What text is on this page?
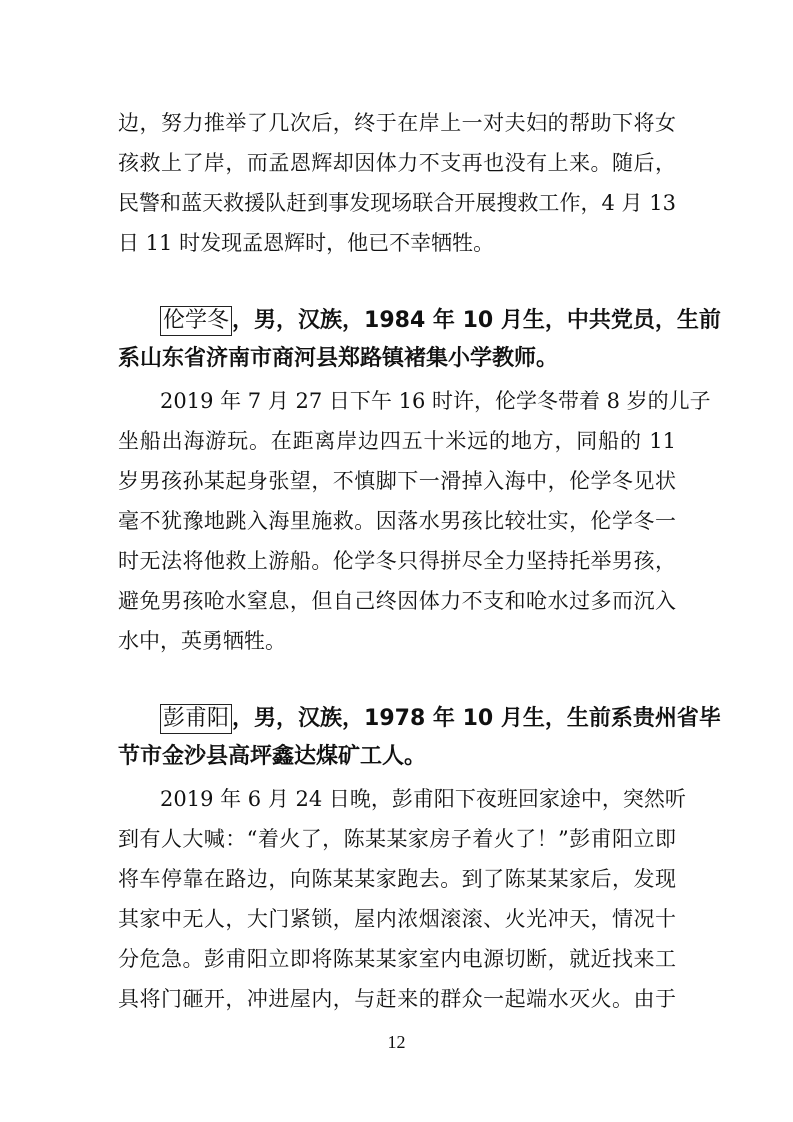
边，努力推举了几次后，终于在岸上一对夫妇的帮助下将女
孩救上了岸，而孟恩辉却因体力不支再也没有上来。随后，
民警和蓝天救援队赶到事发现场联合开展搜救工作，4 月 13
日 11 时发现孟恩辉时，他已不幸牺牲。
伦学冬 ，男，汉族，1984 年 10 月生，中共党员，生前
系山东省济南市商河县郑路镇褚集小学教师。
2019 年 7 月 27 日下午 16 时许，伦学冬带着 8 岁的儿子
坐船出海游玩。在距离岸边四五十米远的地方，同船的 11
岁男孩孙某起身张望，不慎脚下一滑掉入海中，伦学冬见状
毫不犹豫地跳入海里施救。因落水男孩比较壮实，伦学冬一
时无法将他救上游船。伦学冬只得拼尽全力坚持托举男孩，
避免男孩呛水窒息，但自己终因体力不支和呛水过多而沉入
水中，英勇牺牲。
彭甫阳 ，男，汉族，1978 年 10 月生，生前系贵州省毕
节市金沙县高坪鑫达煤矿工人。
2019 年 6 月 24 日晚，彭甫阳下夜班回家途中，突然听
到有人大喊：“着火了，陈某某家房子着火了！”彭甫阳立即
将车停靠在路边，向陈某某家跑去。到了陈某某家后，发现
其家中无人，大门紧锁，屋内浓烟滚滚、火光冲天，情况十
分危急。彭甫阳立即将陈某某家室内电源切断，就近找来工
具将门砸开，冲进屋内，与赶来的群众一起端水灭火。由于
12
